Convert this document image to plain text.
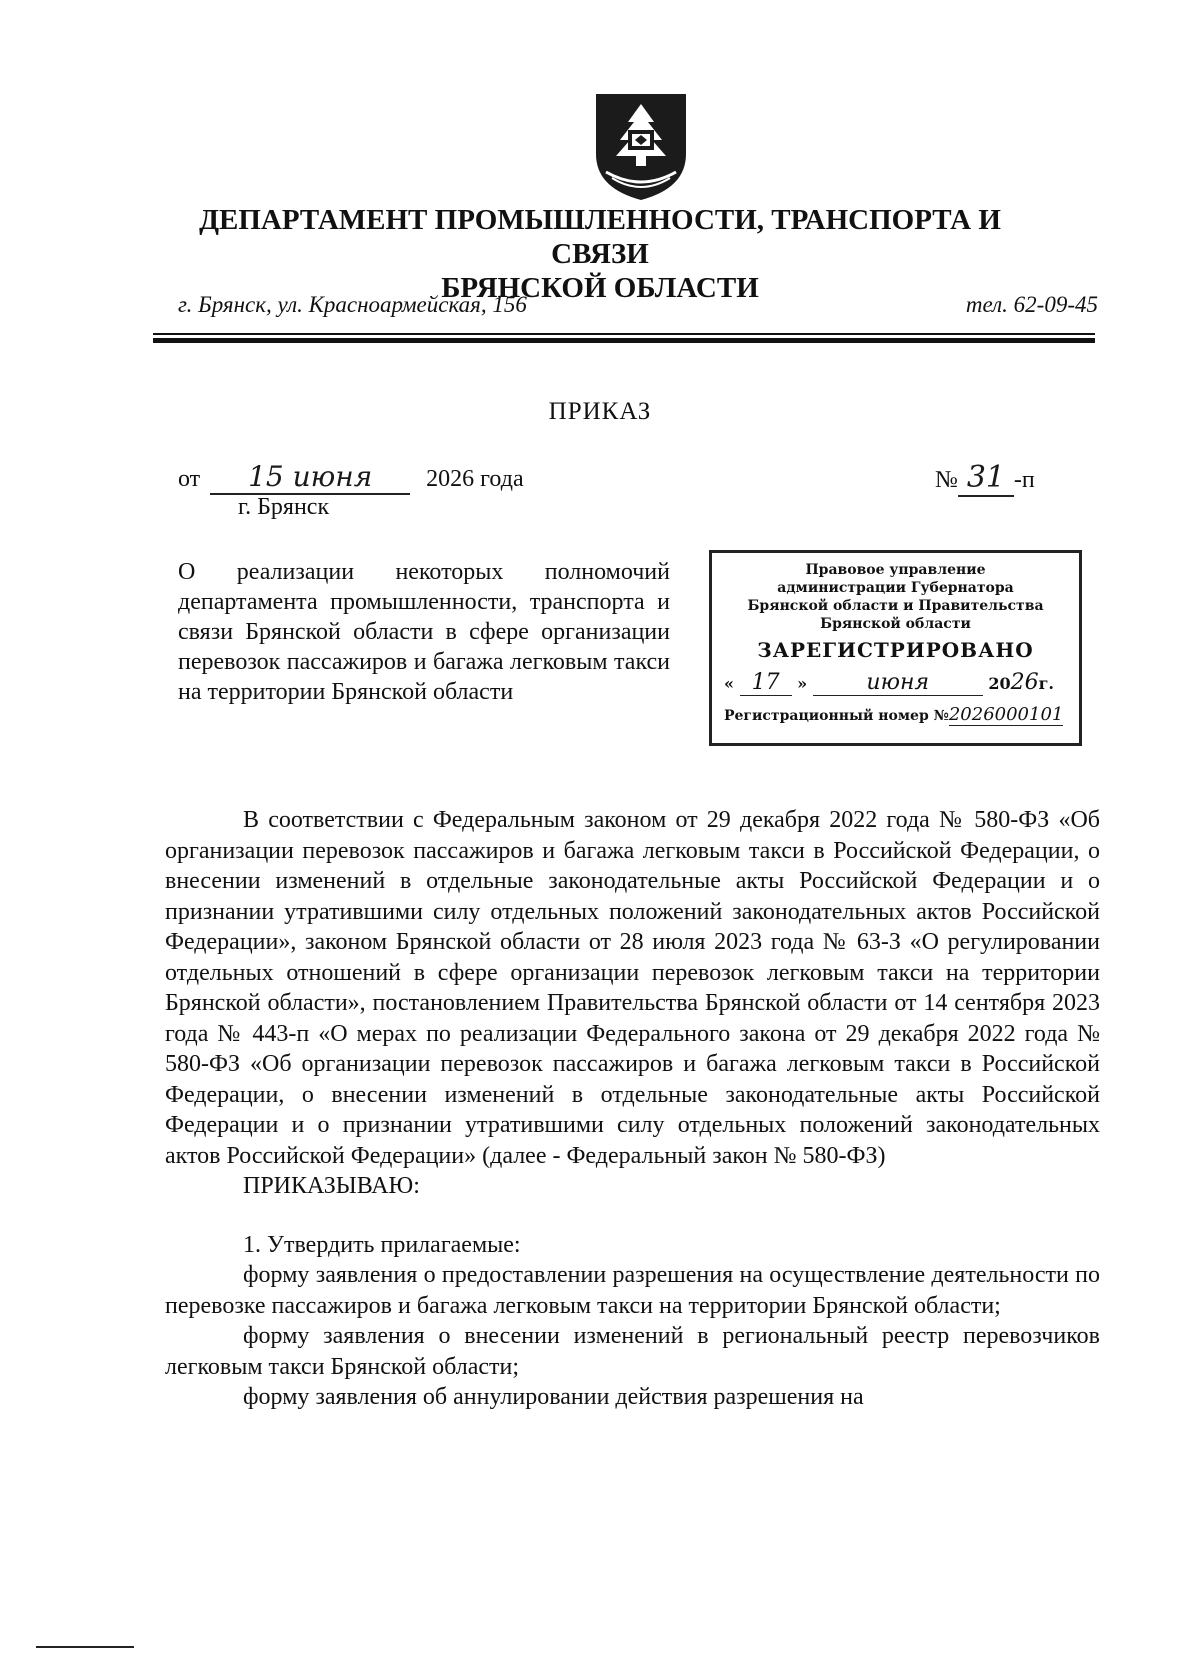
ДЕПАРТАМЕНТ ПРОМЫШЛЕННОСТИ, ТРАНСПОРТА И СВЯЗИ
БРЯНСКОЙ ОБЛАСТИ
г. Брянск, ул. Красноармейская, 156	тел. 62-09-45
ПРИКАЗ
от 15 июня 2026 года	№ 31 -п
г. Брянск
О реализации некоторых полномочий департамента промышленности, транспорта и связи Брянской области в сфере организации перевозок пассажиров и багажа легковым такси на территории Брянской области
Правовое управление
администрации Губернатора
Брянской области и Правительства
Брянской области
ЗАРЕГИСТРИРОВАНО
« 17 »	июня	2026г.
Регистрационный номер №2026000101

В соответствии с Федеральным законом от 29 декабря 2022 года № 580-ФЗ «Об организации перевозок пассажиров и багажа легковым такси в Российской Федерации, о внесении изменений в отдельные законодательные акты Российской Федерации и о признании утратившими силу отдельных положений законодательных актов Российской Федерации», законом Брянской области от 28 июля 2023 года № 63-З «О регулировании отдельных отношений в сфере организации перевозок легковым такси на территории Брянской области», постановлением Правительства Брянской области от 14 сентября 2023 года № 443-п «О мерах по реализации Федерального закона от 29 декабря 2022 года № 580-ФЗ «Об организации перевозок пассажиров и багажа легковым такси в Российской Федерации, о внесении изменений в отдельные законодательные акты Российской Федерации и о признании утратившими силу отдельных положений законодательных актов Российской Федерации» (далее - Федеральный закон № 580-ФЗ)

ПРИКАЗЫВАЮ:

1. Утвердить прилагаемые:

форму заявления о предоставлении разрешения на осуществление деятельности по перевозке пассажиров и багажа легковым такси на территории Брянской области;

форму заявления о внесении изменений в региональный реестр перевозчиков легковым такси Брянской области;

форму заявления об аннулировании действия разрешения на
